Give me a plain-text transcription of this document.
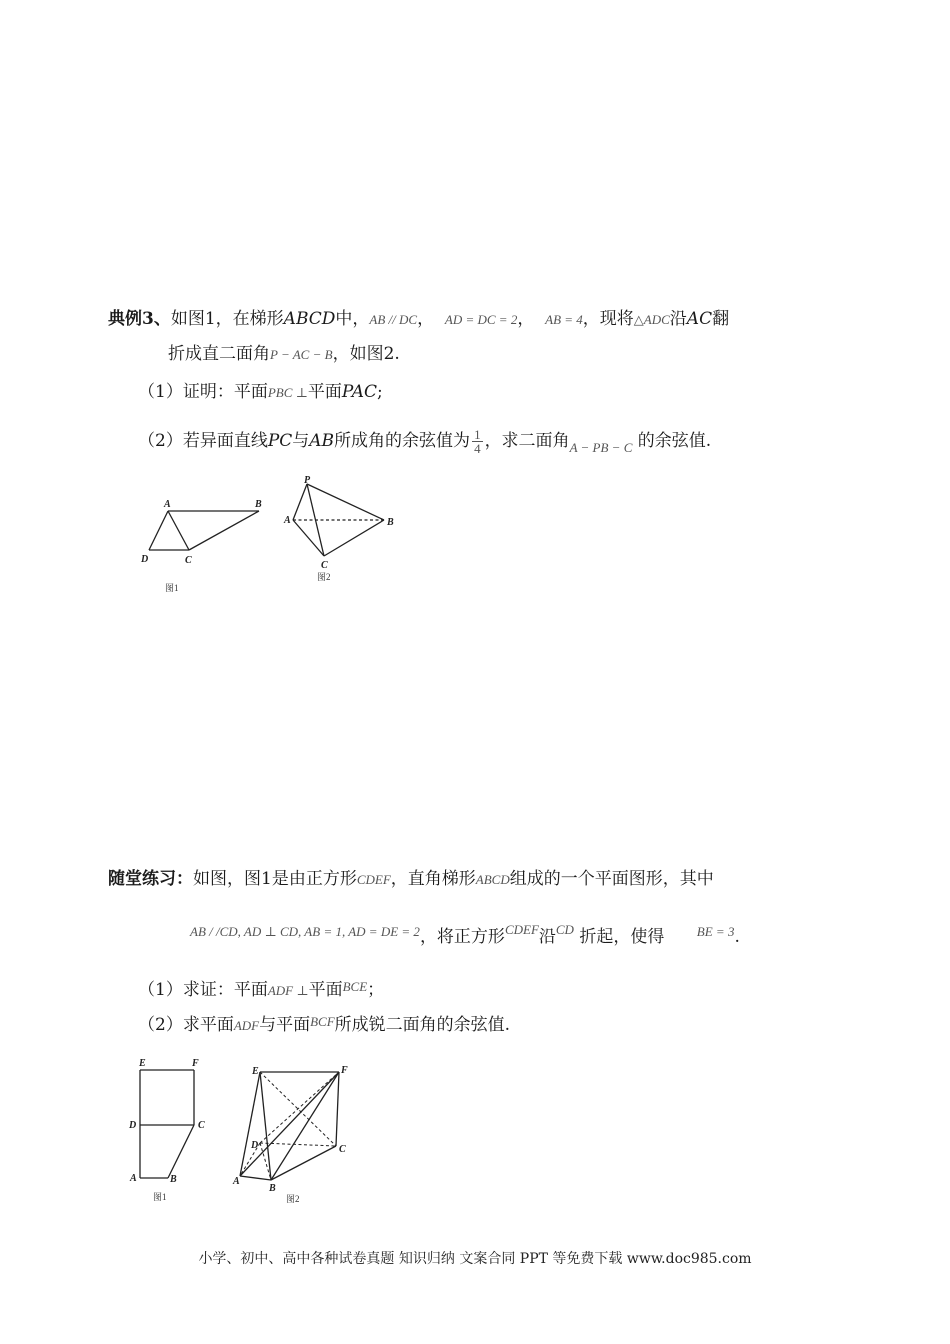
典例3、如图1，在梯形ABCD中，AB // DC， AD = DC = 2， AB = 4，现将△ADC沿AC翻
折成直二面角P − AC − B，如图2.
（1）证明：平面PBC ⊥平面PAC;
（2）若异面直线PC与AB所成角的余弦值为 $\frac{1}{4}$ ，求二面角$_{A - PB - C}$ 的余弦值.
A	B
D	C
图1
P
A	B
C
图2
随堂练习：如图，图1是由正方形CDEF，直角梯形ABCD组成的一个平面图形，其中
$^{AB / /CD, AD \perp CD, AB = 1, AD = DE = 2}$，将正方形$^{CDEF}$沿$^{CD}$ 折起，使得 $^{BE = 3}$.
（1）求证：平面ADF ⊥平面$^{BCE}$；
（2）求平面ADF与平面$^{BCF}$所成锐二面角的余弦值.
E	F
D	C
A	B
图1
E	F
D	C
A
B
图2
小学、初中、高中各种试卷真题 知识归纳 文案合同 PPT 等免费下载 www.doc985.com
